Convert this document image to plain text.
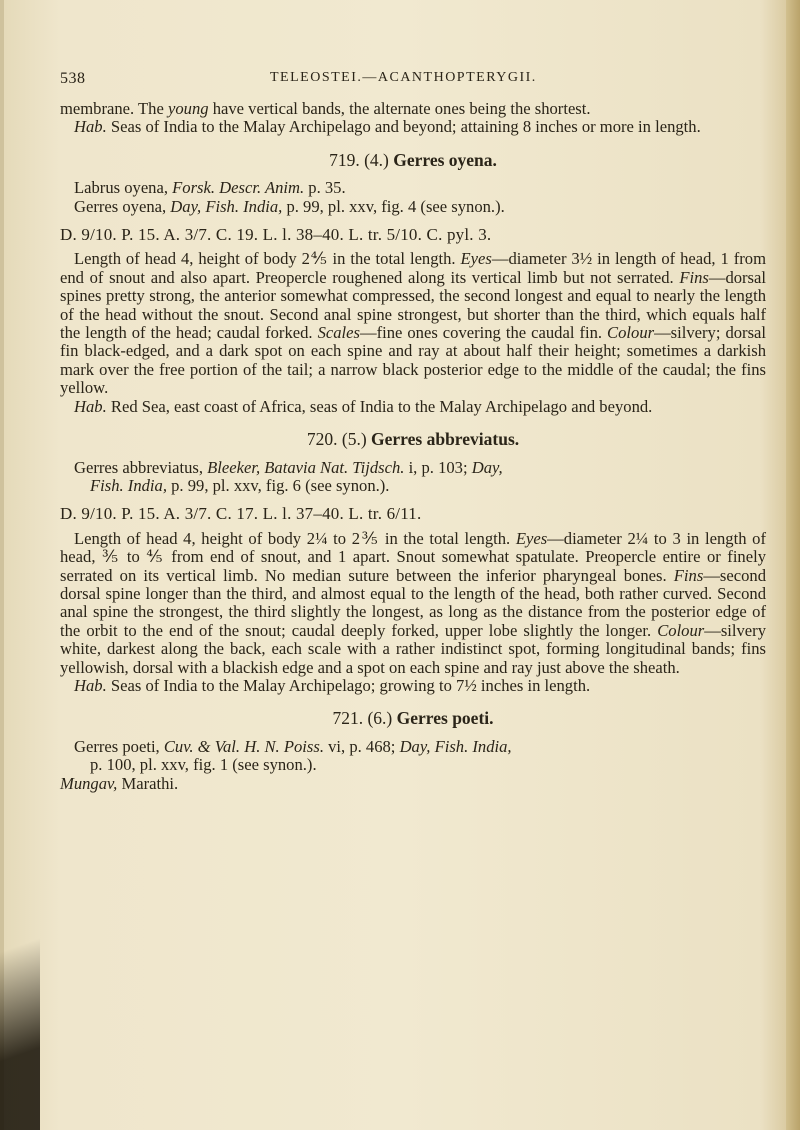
538	TELEOSTEI.—ACANTHOPTERYGII.

membrane. The young have vertical bands, the alternate ones being the shortest.

Hab. Seas of India to the Malay Archipelago and beyond; attaining 8 inches or more in length.

719. (4.) Gerres oyena.

Labrus oyena, Forsk. Descr. Anim. p. 35.

Gerres oyena, Day, Fish. India, p. 99, pl. xxv, fig. 4 (see synon.).

D. 9/10. P. 15. A. 3/7. C. 19. L. l. 38–40. L. tr. 5/10. C. pyl. 3.

Length of head 4, height of body 2⅘ in the total length. Eyes—diameter 3½ in length of head, 1 from end of snout and also apart. Preopercle roughened along its vertical limb but not serrated. Fins—dorsal spines pretty strong, the anterior somewhat compressed, the second longest and equal to nearly the length of the head without the snout. Second anal spine strongest, but shorter than the third, which equals half the length of the head; caudal forked. Scales—fine ones covering the caudal fin. Colour—silvery; dorsal fin black-edged, and a dark spot on each spine and ray at about half their height; sometimes a darkish mark over the free portion of the tail; a narrow black posterior edge to the middle of the caudal; the fins yellow.

Hab. Red Sea, east coast of Africa, seas of India to the Malay Archipelago and beyond.

720. (5.) Gerres abbreviatus.

Gerres abbreviatus, Bleeker, Batavia Nat. Tijdsch. i, p. 103; Day,

Fish. India, p. 99, pl. xxv, fig. 6 (see synon.).

D. 9/10. P. 15. A. 3/7. C. 17. L. l. 37–40. L. tr. 6/11.

Length of head 4, height of body 2¼ to 2⅗ in the total length. Eyes—diameter 2¼ to 3 in length of head, ⅗ to ⅘ from end of snout, and 1 apart. Snout somewhat spatulate. Preopercle entire or finely serrated on its vertical limb. No median suture between the inferior pharyngeal bones. Fins—second dorsal spine longer than the third, and almost equal to the length of the head, both rather curved. Second anal spine the strongest, the third slightly the longest, as long as the distance from the posterior edge of the orbit to the end of the snout; caudal deeply forked, upper lobe slightly the longer. Colour—silvery white, darkest along the back, each scale with a rather indistinct spot, forming longitudinal bands; fins yellowish, dorsal with a blackish edge and a spot on each spine and ray just above the sheath.

Hab. Seas of India to the Malay Archipelago; growing to 7½ inches in length.

721. (6.) Gerres poeti.

Gerres poeti, Cuv. & Val. H. N. Poiss. vi, p. 468; Day, Fish. India,

p. 100, pl. xxv, fig. 1 (see synon.).

Mungav, Marathi.
